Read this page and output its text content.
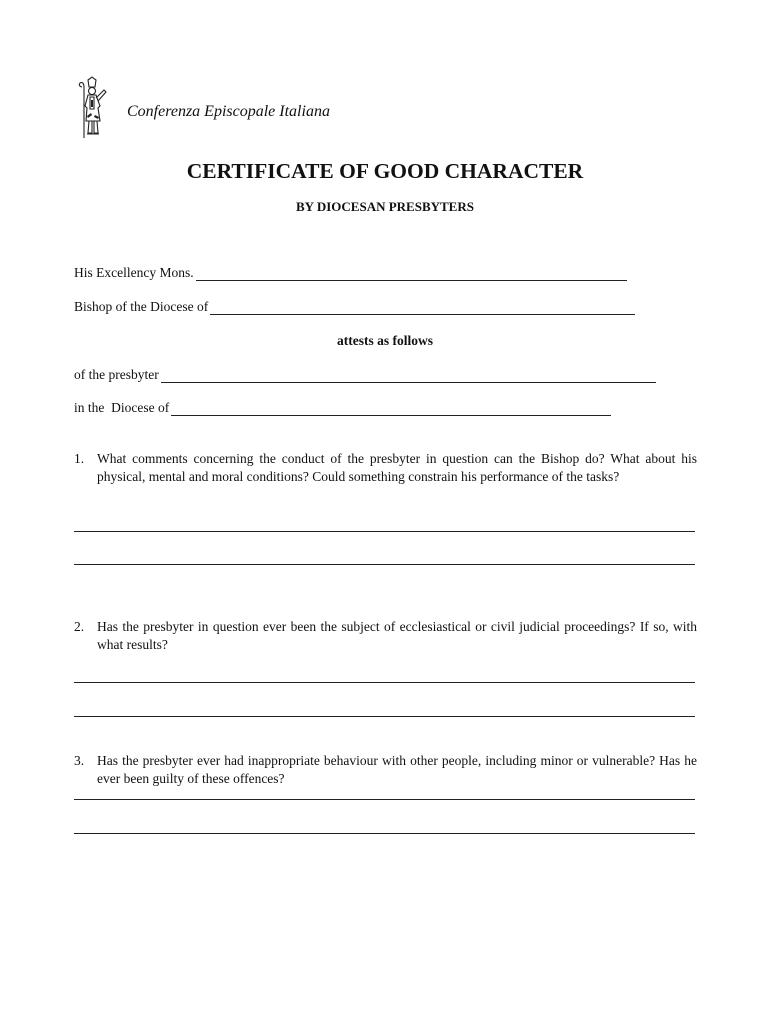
Conferenza Episcopale Italiana
CERTIFICATE OF GOOD CHARACTER
BY DIOCESAN PRESBYTERS
His Excellency Mons.
Bishop of the Diocese of
attests as follows
of the presbyter
in the  Diocese of
1. What comments concerning the conduct of the presbyter in question can the Bishop do? What about his physical, mental and moral conditions? Could something constrain his performance of the tasks?
2. Has the presbyter in question ever been the subject of ecclesiastical or civil judicial proceedings? If so, with what results?
3. Has the presbyter ever had inappropriate behaviour with other people, including minor or vulnerable? Has he ever been guilty of these offences?
